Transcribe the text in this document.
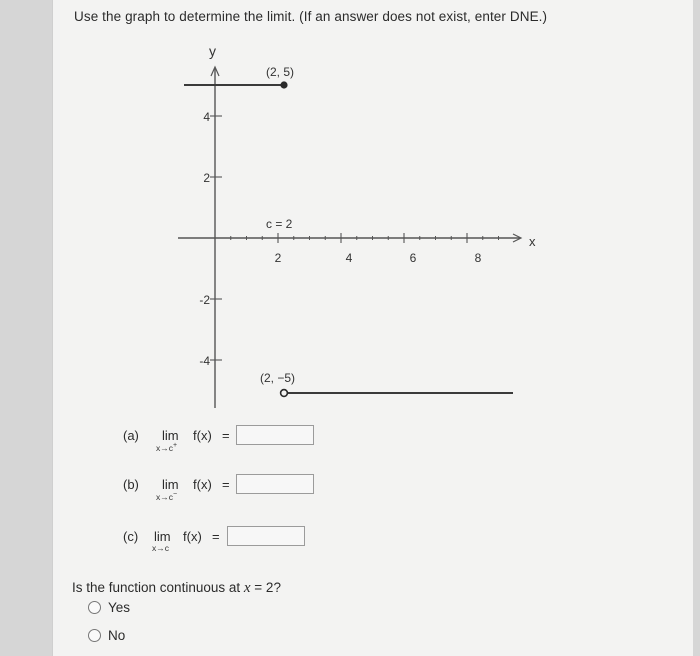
Use the graph to determine the limit. (If an answer does not exist, enter DNE.)
y
x
2	4	6	8
4
2
-2
-4
(2, 5)
c = 2
(2, −5)
(a) lim
x→c+
f(x) =
(b) lim
x→c−
f(x) =
(c) lim
x→c
f(x) =
Is the function continuous at x = 2?
Yes
No
